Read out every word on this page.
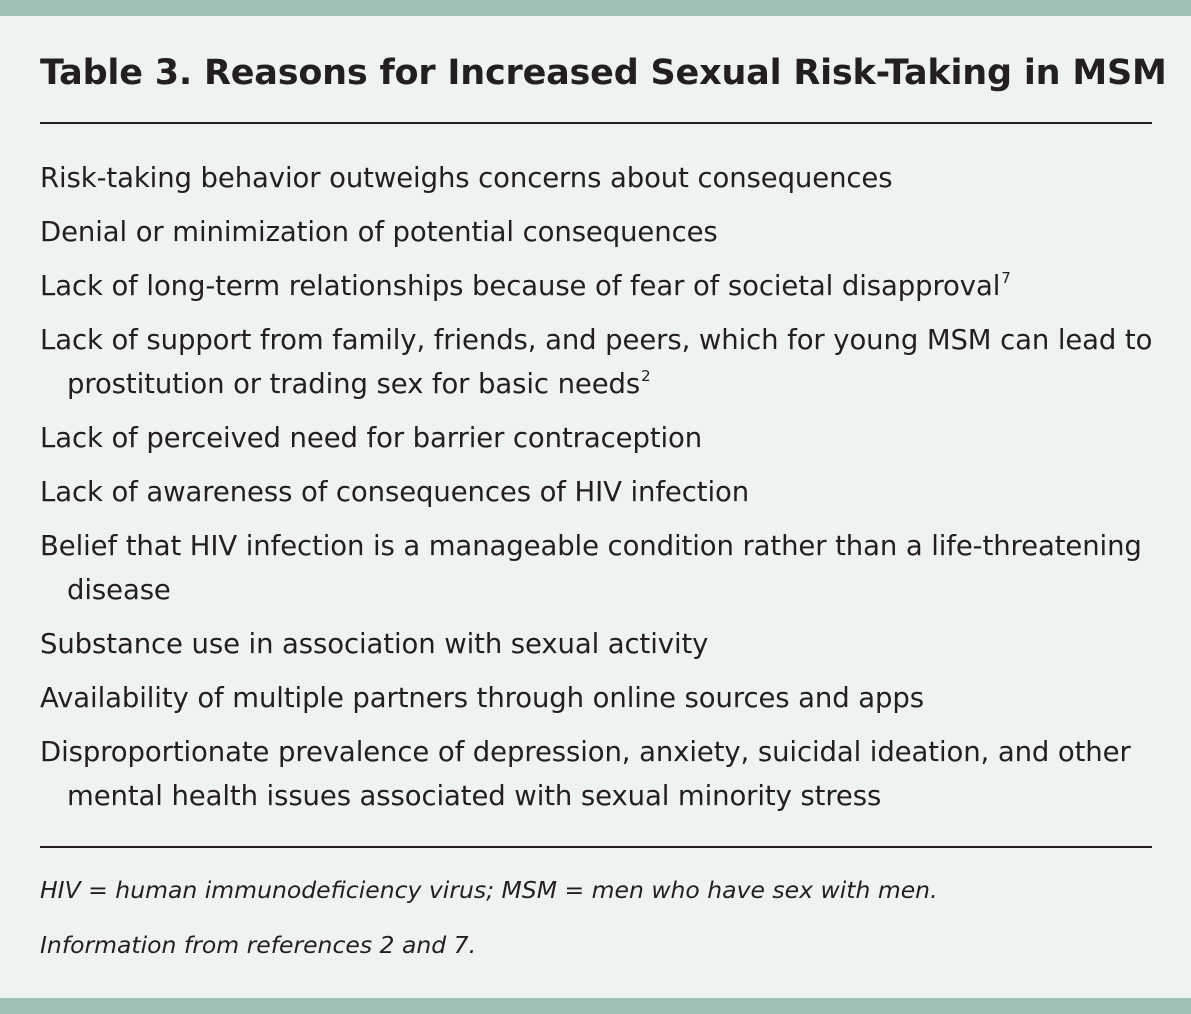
Table 3. Reasons for Increased Sexual Risk-Taking in MSM
Risk-taking behavior outweighs concerns about consequences
Denial or minimization of potential consequences
Lack of long-term relationships because of fear of societal disapproval$^7$
Lack of support from family, friends, and peers, which for young MSM can lead to prostitution or trading sex for basic needs$^2$
Lack of perceived need for barrier contraception
Lack of awareness of consequences of HIV infection
Belief that HIV infection is a manageable condition rather than a life-threatening disease
Substance use in association with sexual activity
Availability of multiple partners through online sources and apps
Disproportionate prevalence of depression, anxiety, suicidal ideation, and other mental health issues associated with sexual minority stress

HIV = human immunodeficiency virus; MSM = men who have sex with men.

Information from references 2 and 7.
